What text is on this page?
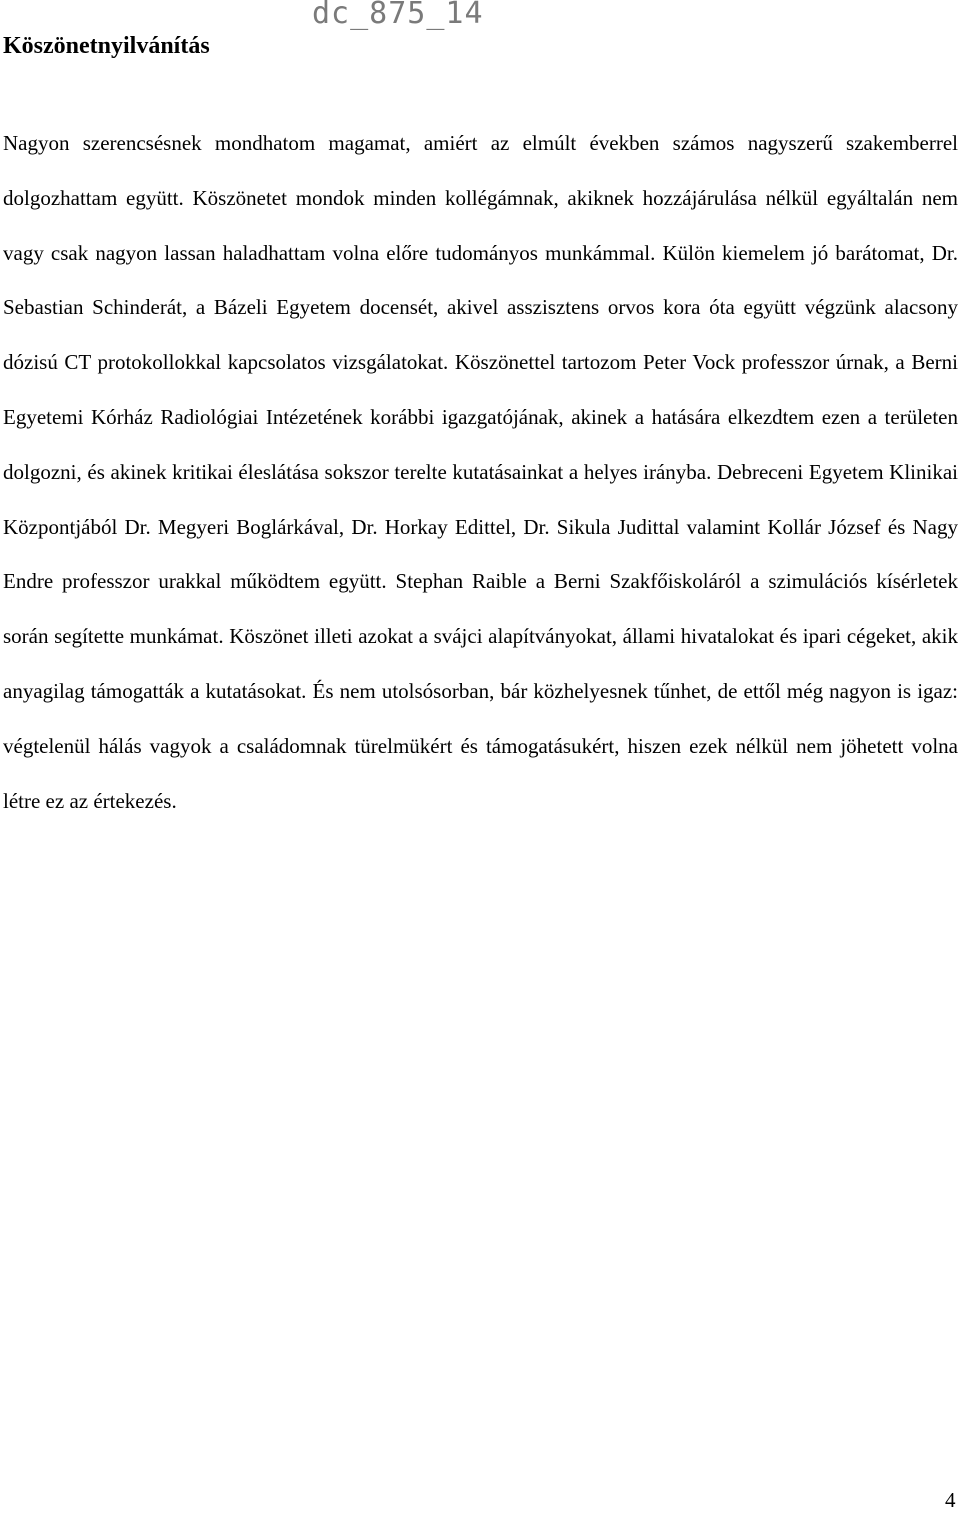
dc_875_14
Köszönetnyilvánítás

Nagyon szerencsésnek mondhatom magamat, amiért az elmúlt években számos nagyszerű szakemberrel dolgozhattam együtt. Köszönetet mondok minden kollégámnak, akiknek hozzájárulása nélkül egyáltalán nem vagy csak nagyon lassan haladhattam volna előre tudományos munkámmal. Külön kiemelem jó barátomat, Dr. Sebastian Schinderát, a Bázeli Egyetem docensét, akivel asszisztens orvos kora óta együtt végzünk alacsony dózisú CT protokollokkal kapcsolatos vizsgálatokat. Köszönettel tartozom Peter Vock professzor úrnak, a Berni Egyetemi Kórház Radiológiai Intézetének korábbi igazgatójának, akinek a hatására elkezdtem ezen a területen dolgozni, és akinek kritikai éleslátása sokszor terelte kutatásainkat a helyes irányba. Debreceni Egyetem Klinikai Központjából Dr. Megyeri Boglárkával, Dr. Horkay Edittel, Dr. Sikula Judittal valamint Kollár József és Nagy Endre professzor urakkal működtem együtt. Stephan Raible a Berni Szakfőiskoláról a szimulációs kísérletek során segítette munkámat. Köszönet illeti azokat a svájci alapítványokat, állami hivatalokat és ipari cégeket, akik anyagilag támogatták a kutatásokat. És nem utolsósorban, bár közhelyesnek tűnhet, de ettől még nagyon is igaz: végtelenül hálás vagyok a családomnak türelmükért és támogatásukért, hiszen ezek nélkül nem jöhetett volna létre ez az értekezés.

4
